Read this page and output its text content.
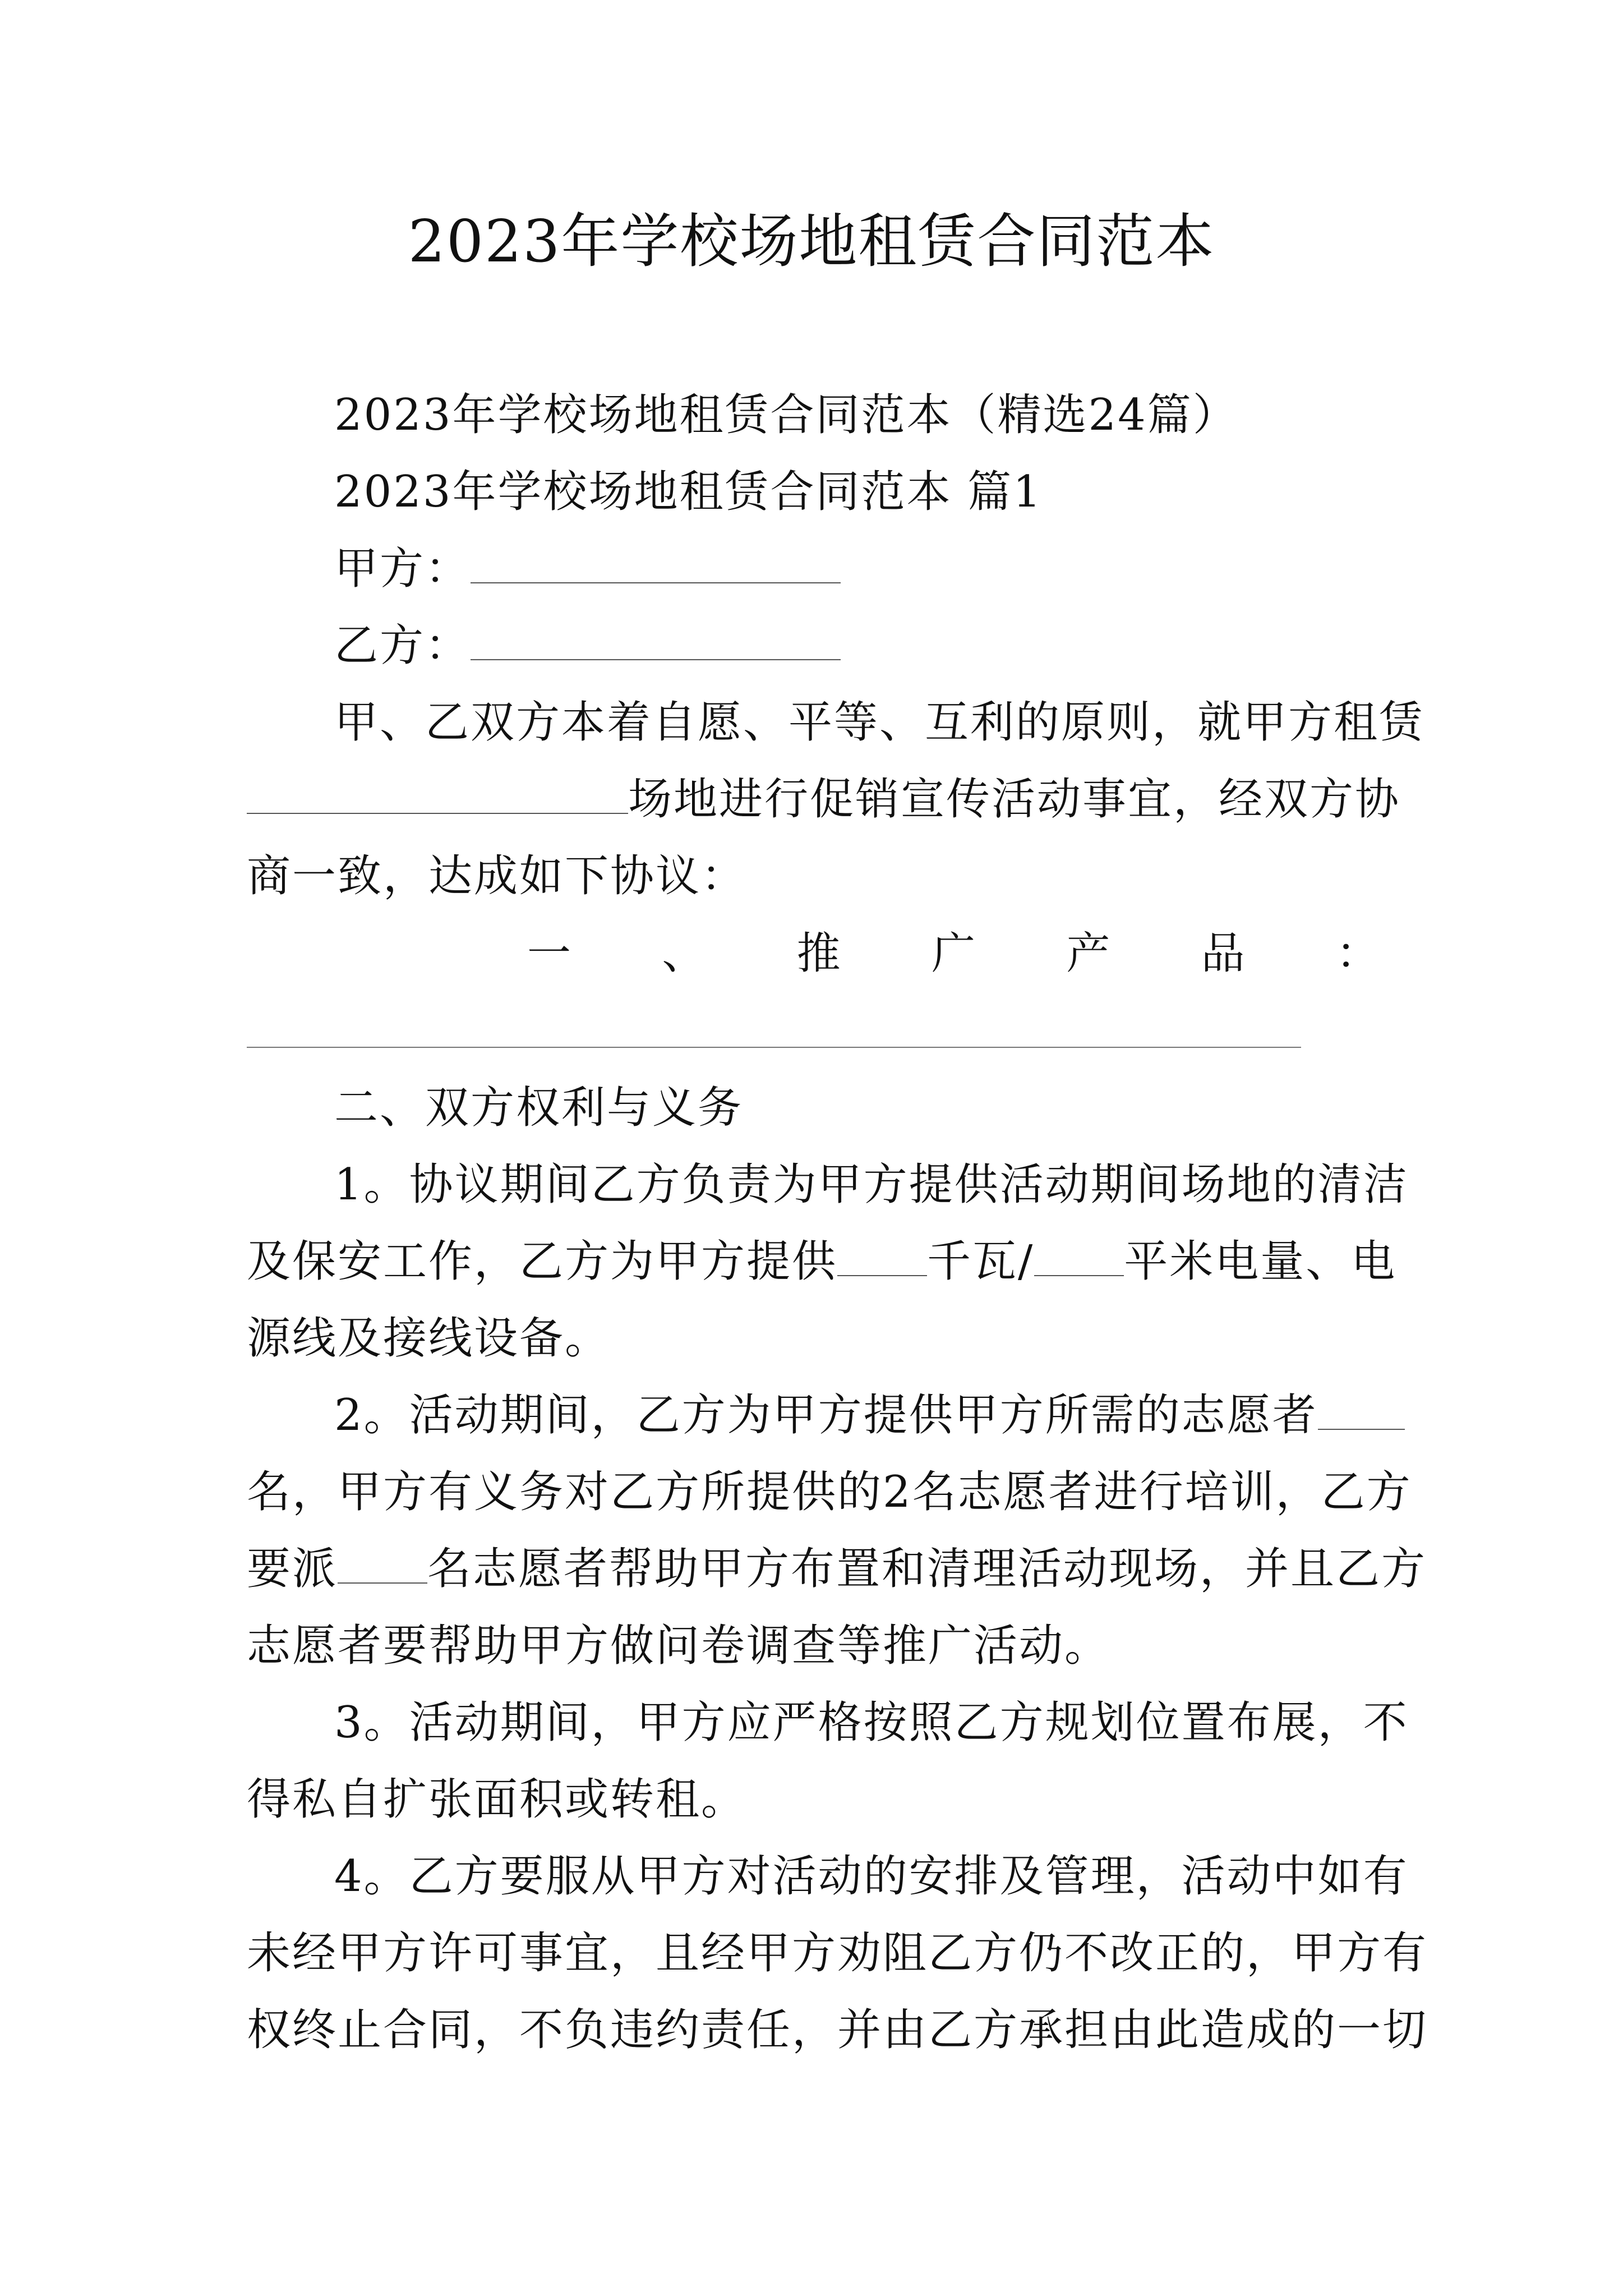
2023年学校场地租赁合同范本
2023年学校场地租赁合同范本（精选24篇）
2023年学校场地租赁合同范本 篇1
甲方：
乙方：
甲、乙双方本着自愿、平等、互利的原则，就甲方租赁
场地进行促销宣传活动事宜，经双方协
商一致，达成如下协议：
一 、 推 广 产 品 ：
二、双方权利与义务
1。协议期间乙方负责为甲方提供活动期间场地的清洁
及保安工作，乙方为甲方提供 千瓦/ 平米电量、电
源线及接线设备。
2。活动期间，乙方为甲方提供甲方所需的志愿者
名，甲方有义务对乙方所提供的2名志愿者进行培训，乙方
要派 名志愿者帮助甲方布置和清理活动现场，并且乙方
志愿者要帮助甲方做问卷调查等推广活动。
3。活动期间，甲方应严格按照乙方规划位置布展，不
得私自扩张面积或转租。
4。乙方要服从甲方对活动的安排及管理，活动中如有
未经甲方许可事宜，且经甲方劝阻乙方仍不改正的，甲方有
权终止合同，不负违约责任，并由乙方承担由此造成的一切
